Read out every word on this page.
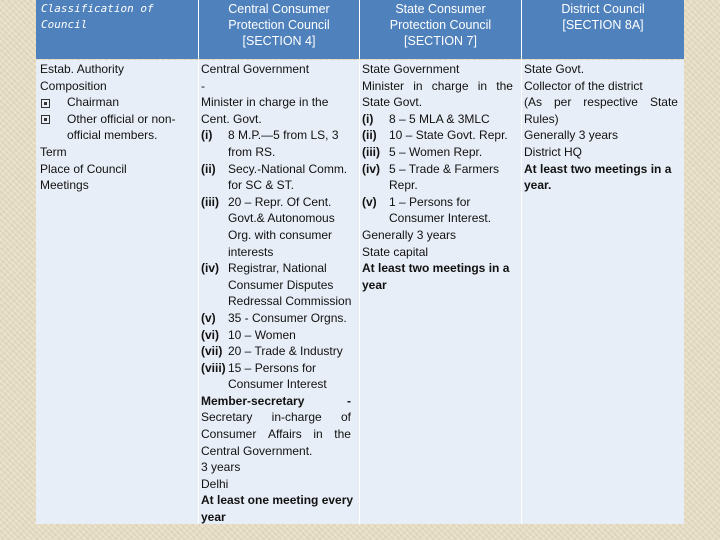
Classification of Council
Central Consumer
Protection Council
[SECTION 4]
State Consumer
Protection Council
[SECTION 7]
District Council
[SECTION 8A]
Estab. Authority
Composition
Chairman
Other official or non-
official members.
Term
Place of Council
Meetings
Central Government
-
Minister in charge in the
Cent. Govt.
(i) 8 M.P.—5 from LS, 3
from RS.
(ii) Secy.-National Comm.
for SC & ST.
(iii) 20 – Repr. Of Cent.
Govt.& Autonomous
Org. with consumer
interests
(iv) Registrar, National
Consumer Disputes
Redressal Commission
(v) 35 - Consumer Orgns.
(vi) 10 – Women
(vii) 20 – Trade & Industry
(viii) 15 – Persons for
Consumer Interest
Member-secretary	-
Secretary in-charge of
Consumer Affairs in the
Central Government.
3 years
Delhi
At least one meeting every
year
State Government
Minister in charge in the
State Govt.
(i) 8 – 5 MLA & 3MLC
(ii) 10 – State Govt. Repr.
(iii) 5 – Women Repr.
(iv) 5 – Trade & Farmers
Repr.
(v) 1 – Persons for
Consumer Interest.
Generally 3 years
State capital
At least two meetings in a
year
State Govt.
Collector of the district
(As per respective State
Rules)
Generally 3 years
District HQ
At least two meetings in a
year.
